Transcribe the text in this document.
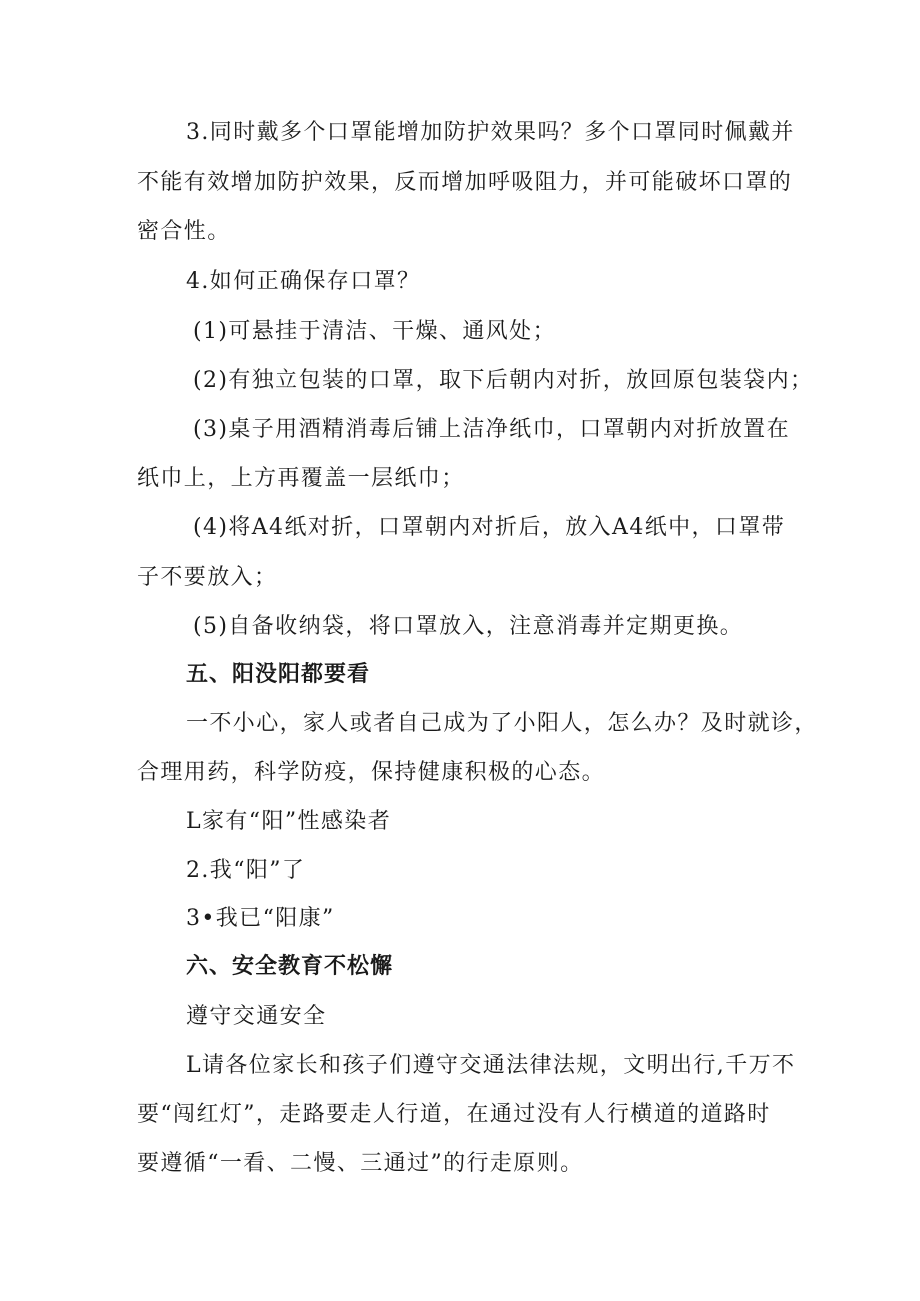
3.同时戴多个口罩能增加防护效果吗？多个口罩同时佩戴并
不能有效增加防护效果，反而增加呼吸阻力，并可能破坏口罩的
密合性。
4.如何正确保存口罩？
(1)可悬挂于清洁、干燥、通风处；
(2)有独立包装的口罩，取下后朝内对折，放回原包装袋内；
(3)桌子用酒精消毒后铺上洁净纸巾，口罩朝内对折放置在
纸巾上，上方再覆盖一层纸巾；
(4)将A4纸对折，口罩朝内对折后，放入A4纸中，口罩带
子不要放入；
(5)自备收纳袋，将口罩放入，注意消毒并定期更换。
五、阳没阳都要看
一不小心，家人或者自己成为了小阳人，怎么办？及时就诊，
合理用药，科学防疫，保持健康积极的心态。
L家有“阳”性感染者
2.我“阳”了
3•我已“阳康”
六、安全教育不松懈
遵守交通安全
L请各位家长和孩子们遵守交通法律法规，文明出行,千万不
要“闯红灯”，走路要走人行道，在通过没有人行横道的道路时
要遵循“一看、二慢、三通过”的行走原则。
